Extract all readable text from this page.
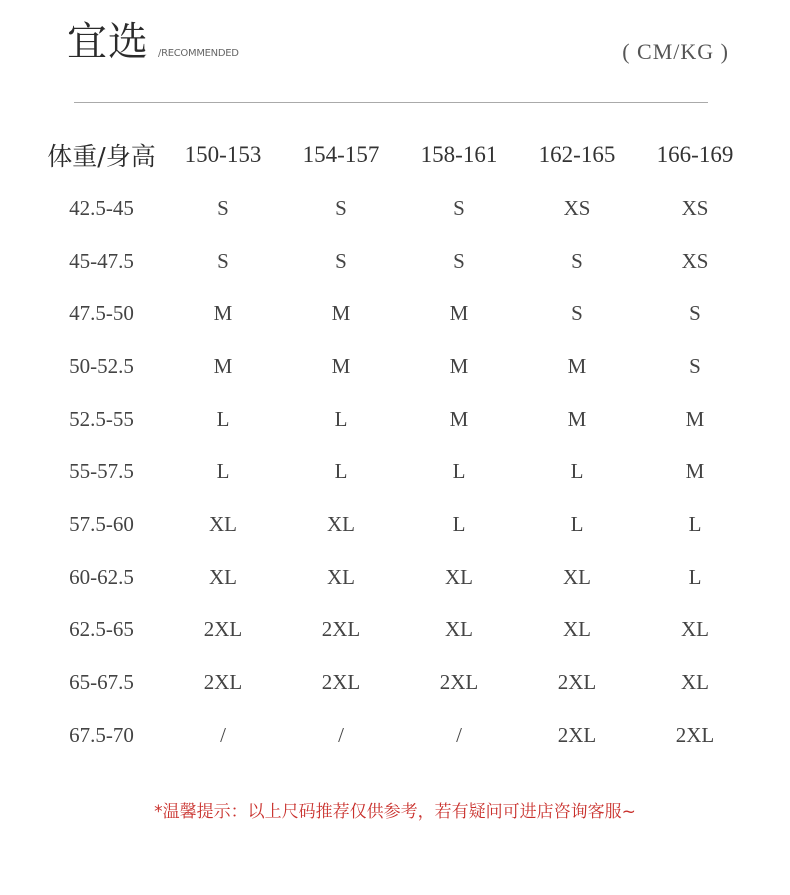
宜选 /RECOMMENDED	( CM/KG )
体重/身高	150-153	154-157	158-161	162-165	166-169
42.5-45	S	S	S	XS	XS
45-47.5	S	S	S	S	XS
47.5-50	M	M	M	S	S
50-52.5	M	M	M	M	S
52.5-55	L	L	M	M	M
55-57.5	L	L	L	L	M
57.5-60	XL	XL	L	L	L
60-62.5	XL	XL	XL	XL	L
62.5-65	2XL	2XL	XL	XL	XL
65-67.5	2XL	2XL	2XL	2XL	XL
67.5-70	/	/	/	2XL	2XL
*温馨提示：以上尺码推荐仅供参考，若有疑问可进店咨询客服~
